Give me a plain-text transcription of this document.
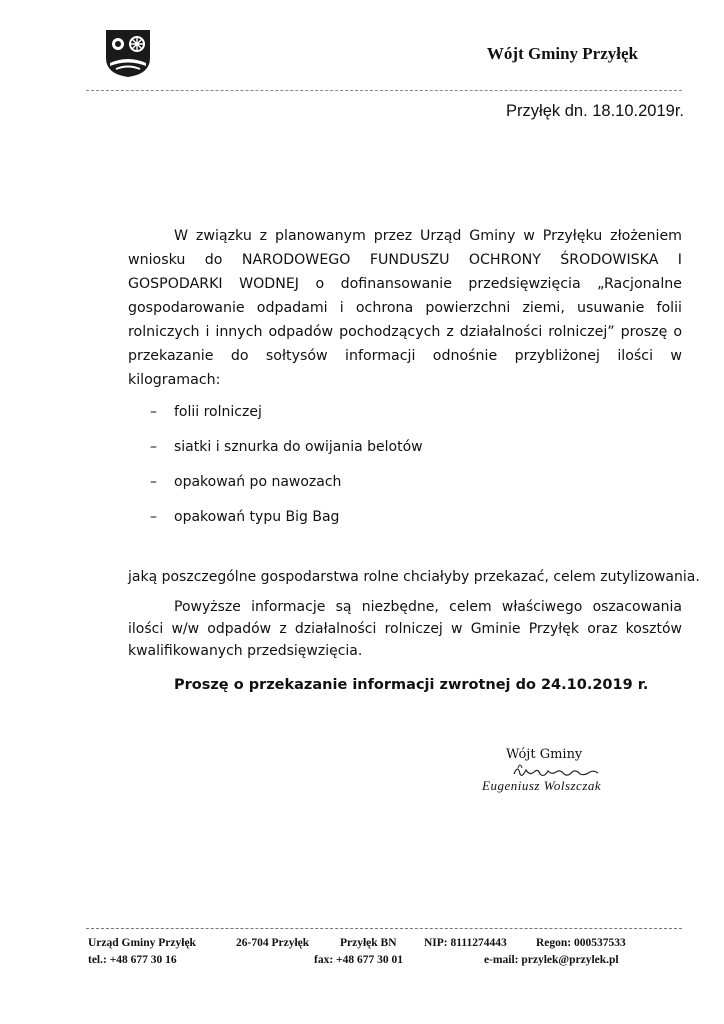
Wójt Gminy Przyłęk
Przyłęk dn. 18.10.2019r.
W związku z planowanym przez Urząd Gminy w Przyłęku złożeniem wniosku do NARODOWEGO FUNDUSZU OCHRONY ŚRODOWISKA I GOSPODARKI WODNEJ o dofinansowanie przedsięwzięcia „Racjonalne gospodarowanie odpadami i ochrona powierzchni ziemi, usuwanie folii rolniczych i innych odpadów pochodzących z działalności rolniczej” proszę o przekazanie do sołtysów informacji odnośnie przybliżonej ilości w kilogramach:
– folii rolniczej
– siatki i sznurka do owijania belotów
– opakowań po nawozach
– opakowań typu Big Bag
jaką poszczególne gospodarstwa rolne chciałyby przekazać, celem zutylizowania.
Powyższe informacje są niezbędne, celem właściwego oszacowania ilości w/w odpadów z działalności rolniczej w Gminie Przyłęk oraz kosztów kwalifikowanych przedsięwzięcia.
Proszę o przekazanie informacji zwrotnej do 24.10.2019 r.
Wójt Gminy
Eugeniusz Wolszczak
Urząd Gminy Przyłęk	26-704 Przyłęk	Przyłęk BN NIP: 8111274443	Regon: 000537533
tel.: +48 677 30 16	fax: +48 677 30 01	e-mail: przylek@przylek.pl
